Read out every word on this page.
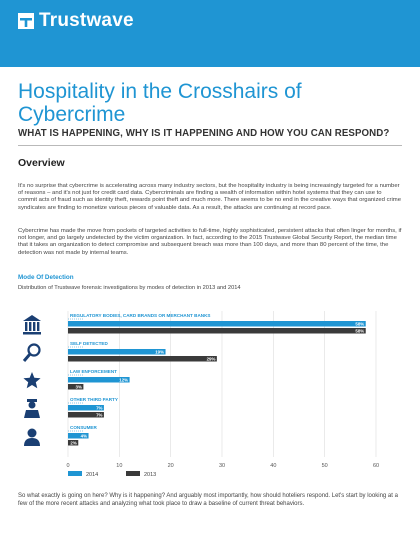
Trustwave
Hospitality in the Crosshairs of Cybercrime
WHAT IS HAPPENING, WHY IS IT HAPPENING AND HOW YOU CAN RESPOND?
Overview

It's no surprise that cybercrime is accelerating across many industry sectors, but the hospitality industry is being increasingly targeted for a number of reasons – and it's not just for credit card data. Cybercriminals are finding a wealth of information within hotel systems that they can use to commit acts of fraud such as identity theft, rewards point theft and much more. There seems to be no end in the creative ways that organized crime syndicates are finding to monetize various pieces of valuable data. As a result, the attacks are continuing at record pace.

Cybercrime has made the move from pockets of targeted activities to full-time, highly sophisticated, persistent attacks that often linger for months, if not longer, and go largely undetected by the victim organization. In fact, according to the 2015 Trustwave Global Security Report, the median time that it takes an organization to detect compromise and subsequent breach was more than 100 days, and more than 80 percent of the time, the detection was not made by internal teams.

Mode Of Detection

Distribution of Trustwave forensic investigations by modes of detection in 2013 and 2014

0	10	20	30	40	50	60
REGULATORY BODIES, CARD BRANDS OR MERCHANT BANKS
58%
58%
SELF DETECTED
19%
29%
LAW ENFORCEMENT
12%
3%
OTHER THIRD PARTY
7%
7%
CONSUMER
4%
2%
2014	2013

So what exactly is going on here? Why is it happening? And arguably most importantly, how should hoteliers respond. Let's start by looking at a few of the more recent attacks and analyzing what took place to draw a baseline of current threat behaviors.
